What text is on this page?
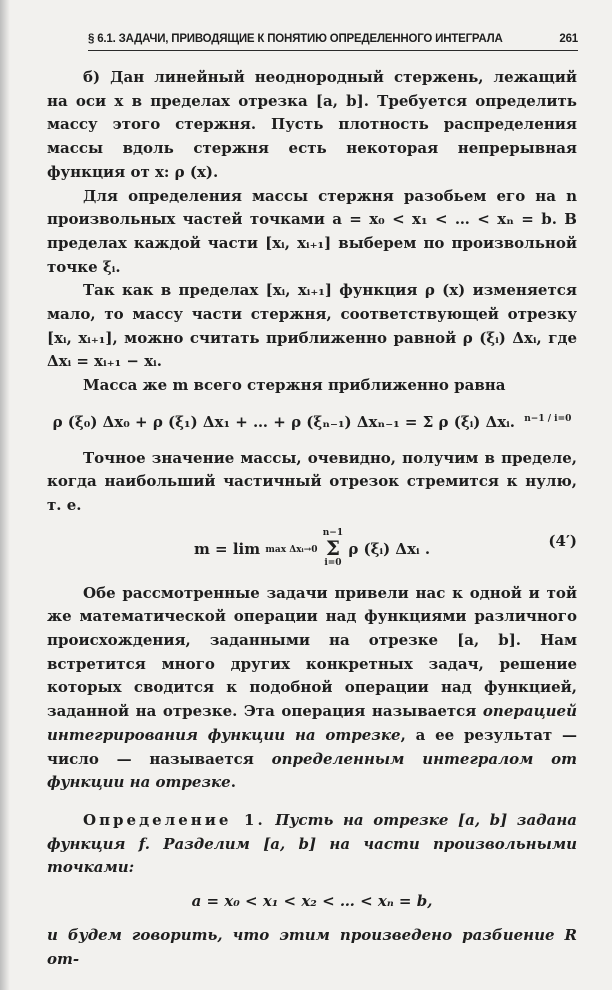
§ 6.1. ЗАДАЧИ, ПРИВОДЯЩИЕ К ПОНЯТИЮ ОПРЕДЕЛЕННОГО ИНТЕГРАЛА	261

б) Дан линейный неоднородный стержень, лежащий на оси x в пределах отрезка [a, b]. Требуется определить массу этого стержня. Пусть плотность распределения массы вдоль стержня есть некоторая непрерывная функция от x: ρ (x).

Для определения массы стержня разобьем его на n произвольных частей точками a = x₀ < x₁ < … < xₙ = b. В пределах каждой части [xᵢ, xᵢ₊₁] выберем по произвольной точке ξᵢ.

Так как в пределах [xᵢ, xᵢ₊₁] функция ρ (x) изменяется мало, то массу части стержня, соответствующей отрезку [xᵢ, xᵢ₊₁], можно считать приближенно равной ρ (ξᵢ) Δxᵢ, где Δxᵢ = xᵢ₊₁ − xᵢ.

Масса же m всего стержня приближенно равна

ρ (ξ₀) Δx₀ + ρ (ξ₁) Δx₁ + … + ρ (ξₙ₋₁) Δxₙ₋₁ = Σ ρ (ξᵢ) Δxᵢ. $^{n-1 / i=0}$

Точное значение массы, очевидно, получим в пределе, когда наибольший частичный отрезок стремится к нулю, т. е.

m = lim max Δxᵢ→0

n−1
Σ
i=0
ρ (ξᵢ) Δxᵢ .	(4′)

Обе рассмотренные задачи привели нас к одной и той же математической операции над функциями различного происхождения, заданными на отрезке [a, b]. Нам встретится много других конкретных задач, решение которых сводится к подобной операции над функцией, заданной на отрезке. Эта операция называется операцией интегрирования функции на отрезке, а ее результат — число — называется определенным интегралом от функции на отрезке.

Определение 1. Пусть на отрезке [a, b] задана функция f. Разделим [a, b] на части произвольными точками:

a = x₀ < x₁ < x₂ < … < xₙ = b,

и будем говорить, что этим произведено разбиение R от-
